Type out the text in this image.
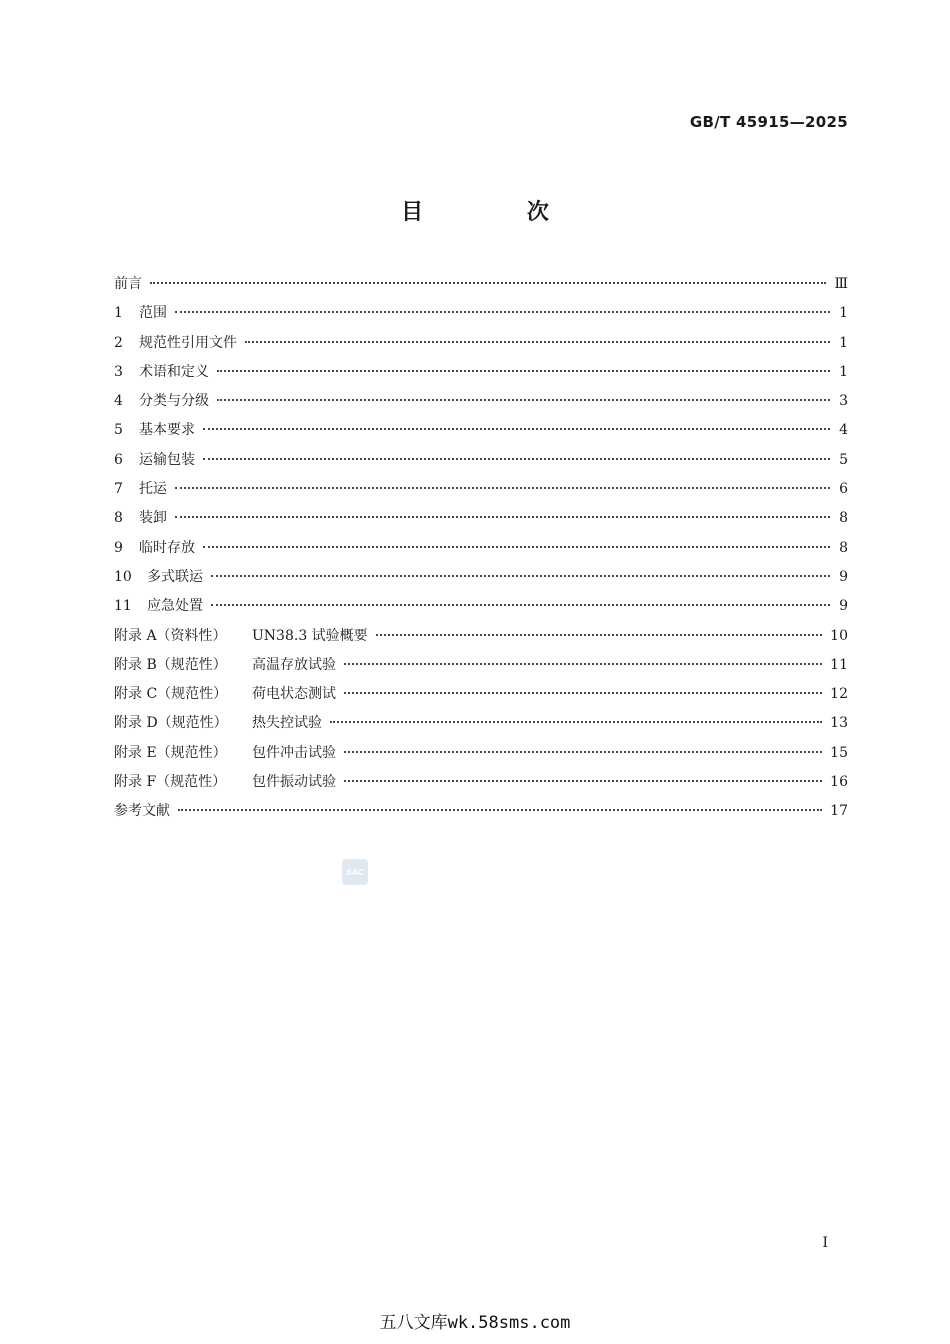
GB/T 45915—2025
目 次
前言	Ⅲ
1	范围	1
2	规范性引用文件	1
3	术语和定义	1
4	分类与分级	3
5	基本要求	4
6	运输包装	5
7	托运	6
8	装卸	8
9	临时存放	8
10	多式联运	9
11	应急处置	9
附录 A（资料性）	UN38.3 试验概要	10
附录 B（规范性）	高温存放试验	11
附录 C（规范性）	荷电状态测试	12
附录 D（规范性）	热失控试验	13
附录 E（规范性）	包件冲击试验	15
附录 F（规范性）	包件振动试验	16
参考文献	17
SAC
I
五八文库wk.58sms.com
